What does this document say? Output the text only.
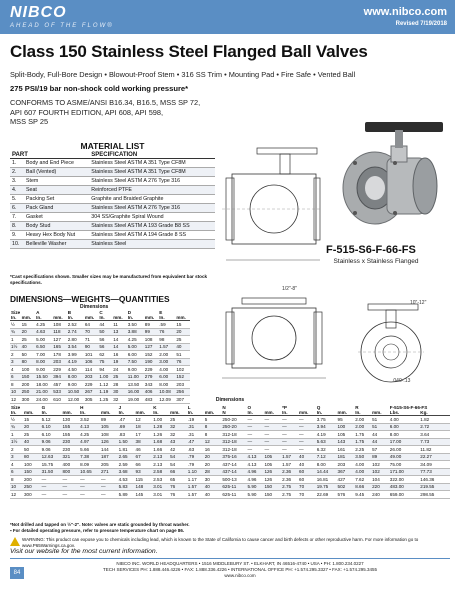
NIBCO
AHEAD OF THE FLOW®
www.nibco.com
Revised 7/19/2018
Class 150 Stainless Steel Flanged Ball Valves
Split-Body, Full-Bore Design • Blowout-Proof Stem • 316 SS Trim • Mounting Pad • Fire Safe • Vented Ball
275 PSI/19 bar non-shock cold working pressure*
CONFORMS TO ASME/ANSI B16.34, B16.5, MSS SP 72,
API 607 FOURTH EDITION, API 608, API 598,
MSS SP 25
MATERIAL LIST
PART		SPECIFICATION
1.	Body and End Piece	Stainless Steel ASTM A 351 Type CF8M
2.	Ball (Vented)	Stainless Steel ASTM A 351 Type CF8M
3.	Stem	Stainless Steel ASTM A 276 Type 316
4.	Seat	Reinforced PTFE
5.	Packing Set	Graphite and Braided Graphite
6.	Pack Gland	Stainless Steel ASTM A 276 Type 316
7.	Gasket	304 SS/Graphite Spiral Wound
8.	Body Stud	Stainless Steel ASTM A 193 Grade B8 SS
9.	Heavy Hex Body Nut	Stainless Steel ASTM A 194 Grade 8 SS
10.	Belleville Washer	Stainless Steel
*Cast specifications shown. Smaller sizes may be manufactured from equivalent bar stock specifications.
F-515-S6-F-66-FS
Stainless x Stainless Flanged
1/2"-8"
10"-12"
.040-.13
DIMENSIONS—WEIGHTS—QUANTITIES
Dimensions
Size		A		B		C		D		E	
In.	mm.	In.	mm.	In.	mm.	In.	mm.	In.	mm.	In.	mm.
½	15	4.25	108	2.52	64	44	11	3.50	89	.59	15
¾	20	4.63	118	2.74	70	50	13	3.88	99	76	20
1	25	5.00	127	2.80	71	56	14	4.25	108	98	25
1½	40	6.50	165	3.54	90	56	14	5.00	127	1.57	40
2	50	7.00	178	3.99	101	62	16	6.00	152	2.00	51
3	80	8.00	203	4.19	106	75	19	7.50	190	3.00	76
4	100	9.00	229	4.50	114	94	24	9.00	229	4.00	102
6	150	15.50	394	8.00	203	1.00	25	11.00	279	6.00	152
8	200	18.00	457	9.00	229	1.12	28	13.50	343	8.00	203
10	250	21.00	533	10.50	267	1.19	30	16.00	406	10.08	256
12	300	24.00	610	12.00	305	1.25	32	19.00	483	12.09	307	Dimensions
Size		G		H		J		K		L		N	O		*P		Q		R		F-515-S6-F-66-FS	
In.	mm.	In.	mm.	In.	mm.	In.	mm.	In.	mm.	In.	mm.	N	In.	mm.	In.	mm.	In.	mm.	In.	mm.	Lbs.	Kg.
½	15	5.12	130	3.52	89	.47	12	1.00	25	.19	5	250-20	—	—	—	—	3.75	95	2.00	51	4.00	1.82
¾	20	6.10	155	4.13	105	.69	18	1.28	32	.31	8	250-20	—	—	—	—	3.94	100	2.00	51	6.00	2.72
1	25	6.10	155	4.25	108	.83	17	1.26	32	.31	8	312-18	—	—	—	—	4.19	105	1.75	44	8.00	3.64
1½	40	9.06	230	4.97	126	1.50	38	1.68	43	.47	12	312-18	—	—	—	—	5.63	143	1.75	44	17.00	7.73
2	50	9.06	230	5.66	144	1.81	46	1.66	42	.63	16	312-18	—	—	—	—	6.32	161	2.25	57	26.00	11.82
3	80	12.63	321	7.38	187	2.65	67	2.13	54	.79	20	375-16	4.13	105	1.57	40	7.12	181	3.50	89	49.00	22.27
4	100	15.75	400	8.09	205	2.59	66	2.13	54	.79	20	437-14	4.13	105	1.57	40	8.00	203	4.00	102	75.00	34.09
6	150	31.50	800	10.65	271	3.68	93	2.58	66	1.10	28	437-14	4.96	126	2.36	60	14.44	367	4.00	102	171.00	77.73
8	200	—	—	—	—	4.53	115	2.53	65	1.17	30	500-13	4.96	126	2.36	60	16.81	427	7.62	104	322.00	146.36
10	250	—	—	—	—	5.83	148	3.01	76	1.57	40	625-11	5.90	150	2.75	70	19.75	502	8.66	220	483.00	219.55
12	300	—	—	—	—	5.89	145	3.01	76	1.57	40	625-11	5.90	150	2.75	70	22.69	576	9.45	240	659.00	298.55
*Not drilled and tapped on ½"-2". Note: valves are static grounded by throat washer.
▪ For detailed operating pressure, refer to pressure temperature chart on page 86.
WARNING: This product can expose you to chemicals including lead, which is known to the State of California to cause cancer and birth defects or other reproductive harm. For more information go to www.P65Warnings.ca.gov.
Visit our website for the most current information.
84
NIBCO INC. WORLD HEADQUARTERS • 1516 MIDDLEBURY ST. • ELKHART, IN 46516-4740 • USA • PH: 1.800.234.0227
TECH SERVICES PH: 1.888.446.4226 • FAX: 1.888.336.4226 • INTERNATIONAL OFFICE PH: +1.574.295.3327 • FAX: +1.574.295.3455
www.nibco.com
